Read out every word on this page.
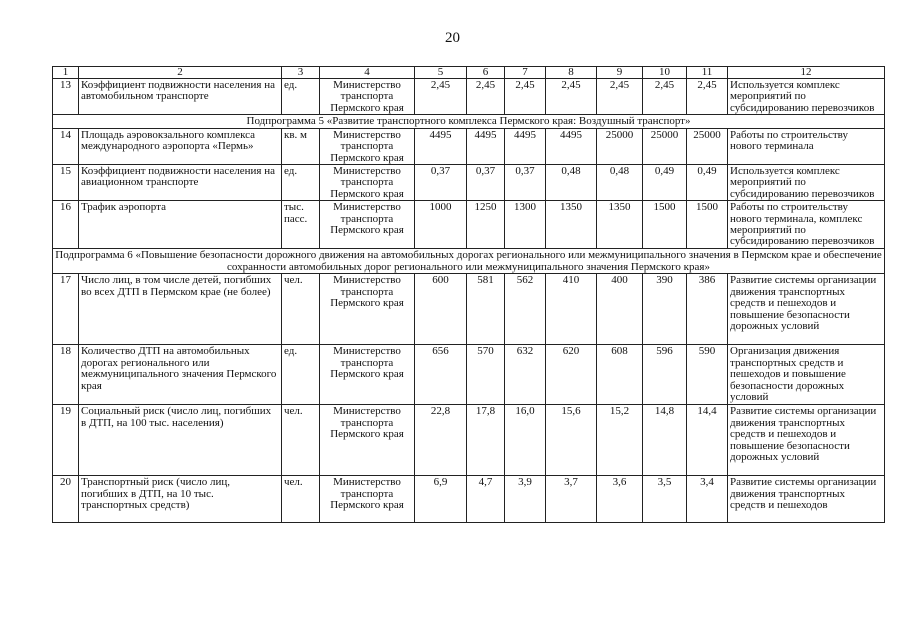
20
1	2	3	4	5	6	7	8	9	10	11	12
13	Коэффициент подвижности населения на автомобильном транспорте	ед.	Министерство транспорта Пермского края	2,45	2,45	2,45	2,45	2,45	2,45	2,45	Используется комплекс мероприятий по субсидированию перевозчиков
Подпрограмма 5 «Развитие транспортного комплекса Пермского края: Воздушный транспорт»											
14	Площадь аэровокзального комплекса международного аэропорта «Пермь»	кв. м	Министерство транспорта Пермского края	4495	4495	4495	4495	25000	25000	25000	Работы по строительству нового терминала
15	Коэффициент подвижности населения на авиационном транспорте	ед.	Министерство транспорта Пермского края	0,37	0,37	0,37	0,48	0,48	0,49	0,49	Используется комплекс мероприятий по субсидированию перевозчиков
16	Трафик аэропорта	тыс. пасс.	Министерство транспорта Пермского края	1000	1250	1300	1350	1350	1500	1500	Работы по строительству нового терминала, комплекс мероприятий по субсидированию перевозчиков
Подпрограмма 6 «Повышение безопасности дорожного движения на автомобильных дорогах регионального или межмуниципального значения в Пермском крае и обеспечение сохранности автомобильных дорог регионального или межмуниципального значения Пермского края»											
17	Число лиц, в том числе детей, погибших во всех ДТП в Пермском крае (не более)	чел.	Министерство транспорта Пермского края	600	581	562	410	400	390	386	Развитие системы организации движения транспортных средств и пешеходов и повышение безопасности дорожных условий
18	Количество ДТП на автомобильных дорогах регионального или межмуниципального значения Пермского края	ед.	Министерство транспорта Пермского края	656	570	632	620	608	596	590	Организация движения транспортных средств и пешеходов и повышение безопасности дорожных условий
19	Социальный риск (число лиц, погибших в ДТП, на 100 тыс. населения)	чел.	Министерство транспорта Пермского края	22,8	17,8	16,0	15,6	15,2	14,8	14,4	Развитие системы организации движения транспортных средств и пешеходов и повышение безопасности дорожных условий
20	Транспортный риск (число лиц, погибших в ДТП, на 10 тыс. транспортных средств)	чел.	Министерство транспорта Пермского края	6,9	4,7	3,9	3,7	3,6	3,5	3,4	Развитие системы организации движения транспортных средств и пешеходов
